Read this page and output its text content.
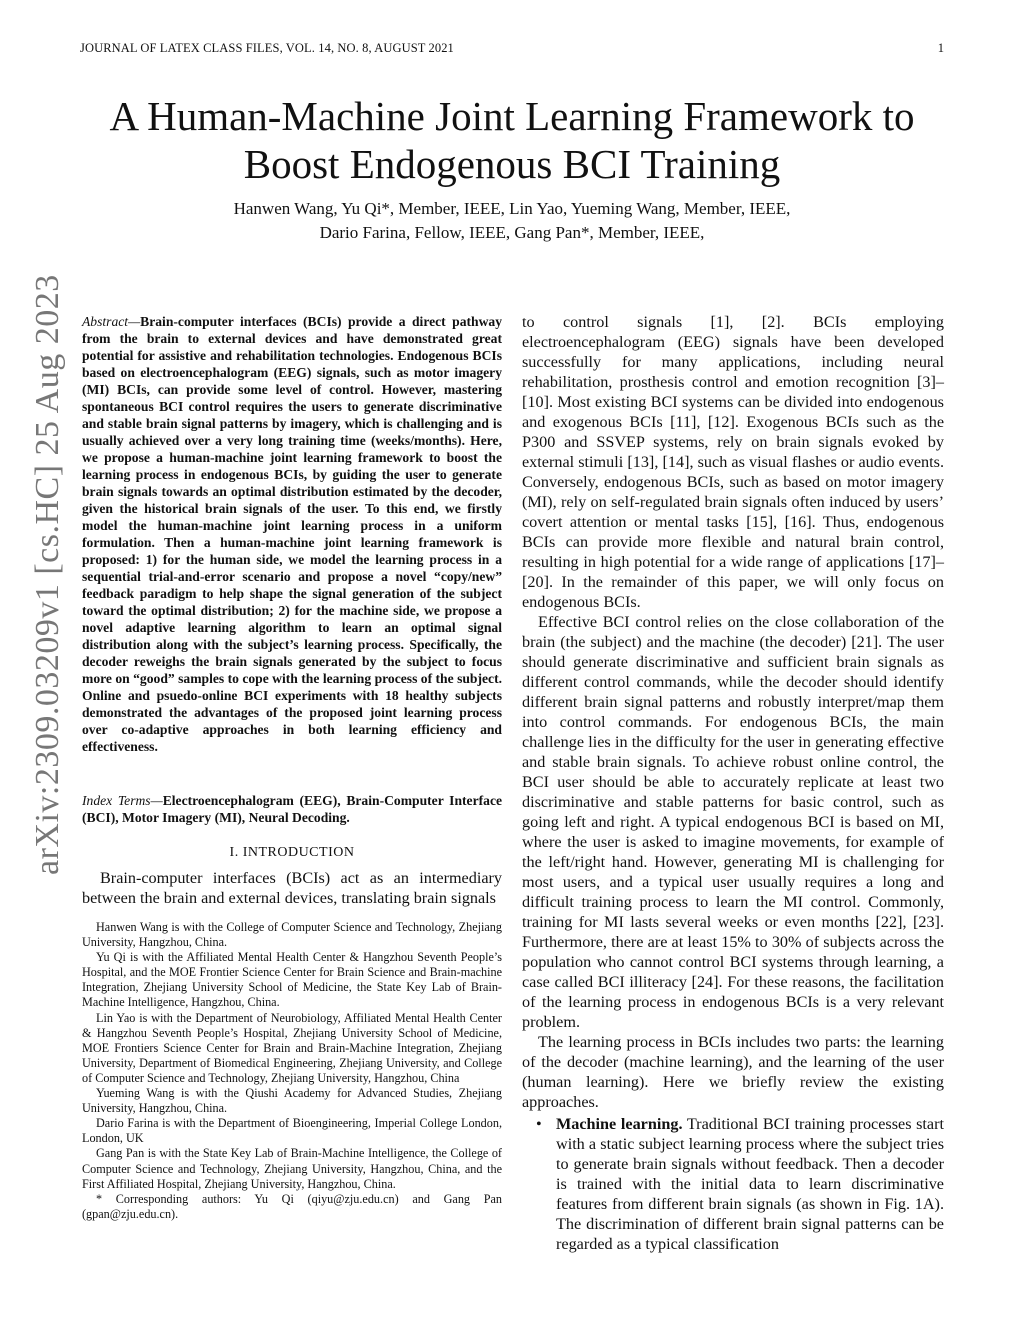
JOURNAL OF LATEX CLASS FILES, VOL. 14, NO. 8, AUGUST 2021	1
arXiv:2309.03209v1 [cs.HC] 25 Aug 2023
A Human-Machine Joint Learning Framework to Boost Endogenous BCI Training
Hanwen Wang, Yu Qi*, Member, IEEE, Lin Yao, Yueming Wang, Member, IEEE,
Dario Farina, Fellow, IEEE, Gang Pan*, Member, IEEE,
Abstract—Brain-computer interfaces (BCIs) provide a direct pathway from the brain to external devices and have demonstrated great potential for assistive and rehabilitation technologies. Endogenous BCIs based on electroencephalogram (EEG) signals, such as motor imagery (MI) BCIs, can provide some level of control. However, mastering spontaneous BCI control requires the users to generate discriminative and stable brain signal patterns by imagery, which is challenging and is usually achieved over a very long training time (weeks/months). Here, we propose a human-machine joint learning framework to boost the learning process in endogenous BCIs, by guiding the user to generate brain signals towards an optimal distribution estimated by the decoder, given the historical brain signals of the user. To this end, we firstly model the human-machine joint learning process in a uniform formulation. Then a human-machine joint learning framework is proposed: 1) for the human side, we model the learning process in a sequential trial-and-error scenario and propose a novel “copy/new” feedback paradigm to help shape the signal generation of the subject toward the optimal distribution; 2) for the machine side, we propose a novel adaptive learning algorithm to learn an optimal signal distribution along with the subject’s learning process. Specifically, the decoder reweighs the brain signals generated by the subject to focus more on “good” samples to cope with the learning process of the subject. Online and psuedo-online BCI experiments with 18 healthy subjects demonstrated the advantages of the proposed joint learning process over co-adaptive approaches in both learning efficiency and effectiveness.
Index Terms—Electroencephalogram (EEG), Brain-Computer Interface (BCI), Motor Imagery (MI), Neural Decoding.
I. INTRODUCTION
Brain-computer interfaces (BCIs) act as an intermediary between the brain and external devices, translating brain signals

Hanwen Wang is with the College of Computer Science and Technology, Zhejiang University, Hangzhou, China.

Yu Qi is with the Affiliated Mental Health Center & Hangzhou Seventh People’s Hospital, and the MOE Frontier Science Center for Brain Science and Brain-machine Integration, Zhejiang University School of Medicine, the State Key Lab of Brain-Machine Intelligence, Hangzhou, China.

Lin Yao is with the Department of Neurobiology, Affiliated Mental Health Center & Hangzhou Seventh People’s Hospital, Zhejiang University School of Medicine, MOE Frontiers Science Center for Brain and Brain-Machine Integration, Zhejiang University, Department of Biomedical Engineering, Zhejiang University, and College of Computer Science and Technology, Zhejiang University, Hangzhou, China

Yueming Wang is with the Qiushi Academy for Advanced Studies, Zhejiang University, Hangzhou, China.

Dario Farina is with the Department of Bioengineering, Imperial College London, London, UK

Gang Pan is with the State Key Lab of Brain-Machine Intelligence, the College of Computer Science and Technology, Zhejiang University, Hangzhou, China, and the First Affiliated Hospital, Zhejiang University, Hangzhou, China.

* Corresponding authors: Yu Qi (qiyu@zju.edu.cn) and Gang Pan (gpan@zju.edu.cn).

to control signals [1], [2]. BCIs employing electroencephalogram (EEG) signals have been developed successfully for many applications, including neural rehabilitation, prosthesis control and emotion recognition [3]–[10]. Most existing BCI systems can be divided into endogenous and exogenous BCIs [11], [12]. Exogenous BCIs such as the P300 and SSVEP systems, rely on brain signals evoked by external stimuli [13], [14], such as visual flashes or audio events. Conversely, endogenous BCIs, such as based on motor imagery (MI), rely on self-regulated brain signals often induced by users’ covert attention or mental tasks [15], [16]. Thus, endogenous BCIs can provide more flexible and natural brain control, resulting in high potential for a wide range of applications [17]–[20]. In the remainder of this paper, we will only focus on endogenous BCIs.

Effective BCI control relies on the close collaboration of the brain (the subject) and the machine (the decoder) [21]. The user should generate discriminative and sufficient brain signals as different control commands, while the decoder should identify different brain signal patterns and robustly interpret/map them into control commands. For endogenous BCIs, the main challenge lies in the difficulty for the user in generating effective and stable brain signals. To achieve robust online control, the BCI user should be able to accurately replicate at least two discriminative and stable patterns for basic control, such as going left and right. A typical endogenous BCI is based on MI, where the user is asked to imagine movements, for example of the left/right hand. However, generating MI is challenging for most users, and a typical user usually requires a long and difficult training process to learn the MI control. Commonly, training for MI lasts several weeks or even months [22], [23]. Furthermore, there are at least 15% to 30% of subjects across the population who cannot control BCI systems through learning, a case called BCI illiteracy [24]. For these reasons, the facilitation of the learning process in endogenous BCIs is a very relevant problem.

The learning process in BCIs includes two parts: the learning of the decoder (machine learning), and the learning of the user (human learning). Here we briefly review the existing approaches.

• Machine learning. Traditional BCI training processes start with a static subject learning process where the subject tries to generate brain signals without feedback. Then a decoder is trained with the initial data to learn discriminative features from different brain signals (as shown in Fig. 1A). The discrimination of different brain signal patterns can be regarded as a typical classification
